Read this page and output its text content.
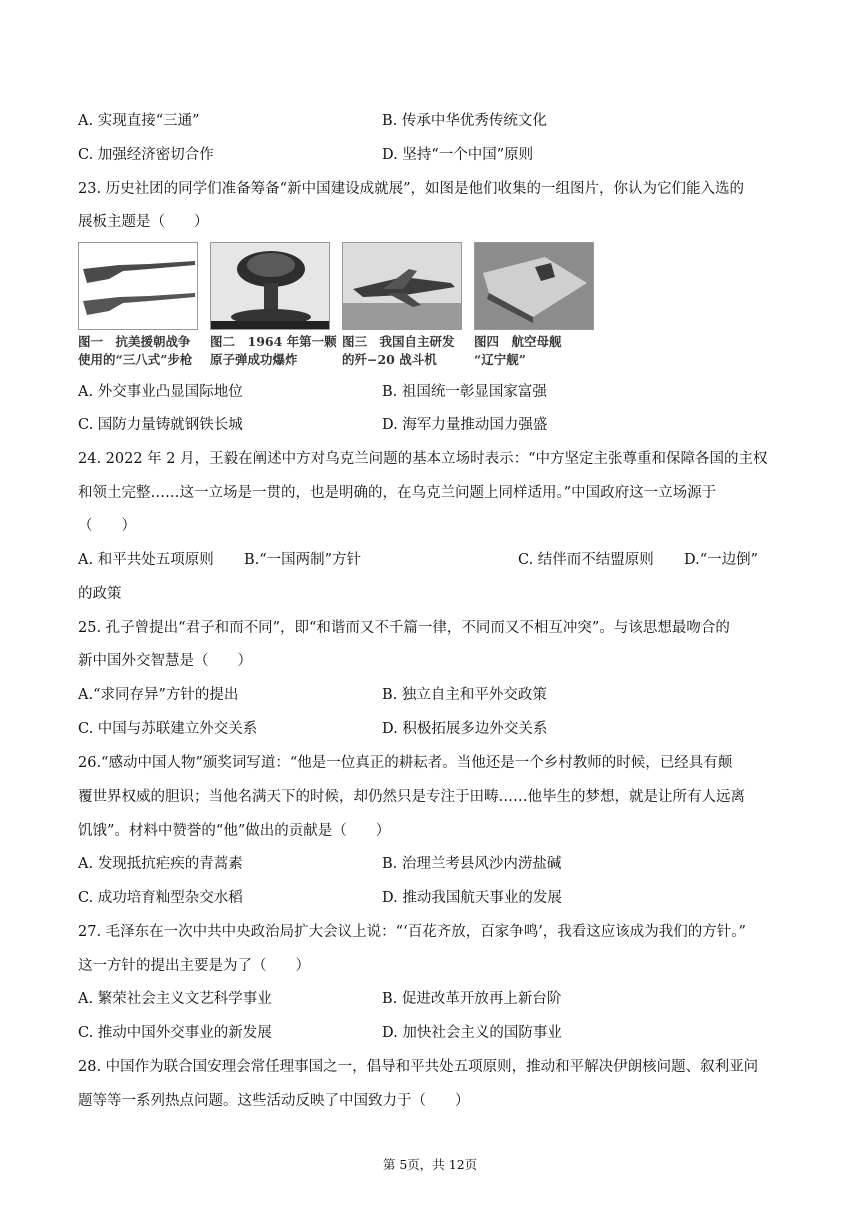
A. 实现直接“三通”	B. 传承中华优秀传统文化
C. 加强经济密切合作	D. 坚持“一个中国”原则
23. 历史社团的同学们准备筹备“新中国建设成就展”，如图是他们收集的一组图片，你认为它们能入选的
展板主题是（　　）
图一　抗美援朝战争
使用的“三八式”步枪
图二　1964 年第一颗
原子弹成功爆炸
图三　我国自主研发
的歼−20 战斗机
图四　航空母舰
“辽宁舰”
A. 外交事业凸显国际地位	B. 祖国统一彰显国家富强
C. 国防力量铸就钢铁长城	D. 海军力量推动国力强盛
24. 2022 年 2 月，王毅在阐述中方对乌克兰问题的基本立场时表示：“中方坚定主张尊重和保障各国的主权
和领土完整……这一立场是一贯的，也是明确的，在乌克兰问题上同样适用。”中国政府这一立场源于
（　　）
A. 和平共处五项原则 B.“一国两制”方针	C. 结伴而不结盟原则 D.“一边倒”
的政策
25. 孔子曾提出“君子和而不同”，即“和谐而又不千篇一律，不同而又不相互冲突”。与该思想最吻合的
新中国外交智慧是（　　）
A.“求同存异”方针的提出	B. 独立自主和平外交政策
C. 中国与苏联建立外交关系	D. 积极拓展多边外交关系
26.“感动中国人物”颁奖词写道：“他是一位真正的耕耘者。当他还是一个乡村教师的时候，已经具有颠
覆世界权威的胆识；当他名满天下的时候，却仍然只是专注于田畴……他毕生的梦想，就是让所有人远离
饥饿”。材料中赞誉的“他”做出的贡献是（　　）
A. 发现抵抗疟疾的青蒿素	B. 治理兰考县风沙内涝盐碱
C. 成功培育籼型杂交水稻	D. 推动我国航天事业的发展
27. 毛泽东在一次中共中央政治局扩大会议上说：“‘百花齐放，百家争鸣’，我看这应该成为我们的方针。”
这一方针的提出主要是为了（　　）
A. 繁荣社会主义文艺科学事业	B. 促进改革开放再上新台阶
C. 推动中国外交事业的新发展	D. 加快社会主义的国防事业
28. 中国作为联合国安理会常任理事国之一，倡导和平共处五项原则，推动和平解决伊朗核问题、叙利亚问
题等等一系列热点问题。这些活动反映了中国致力于（　　）
第 5页，共 12页
